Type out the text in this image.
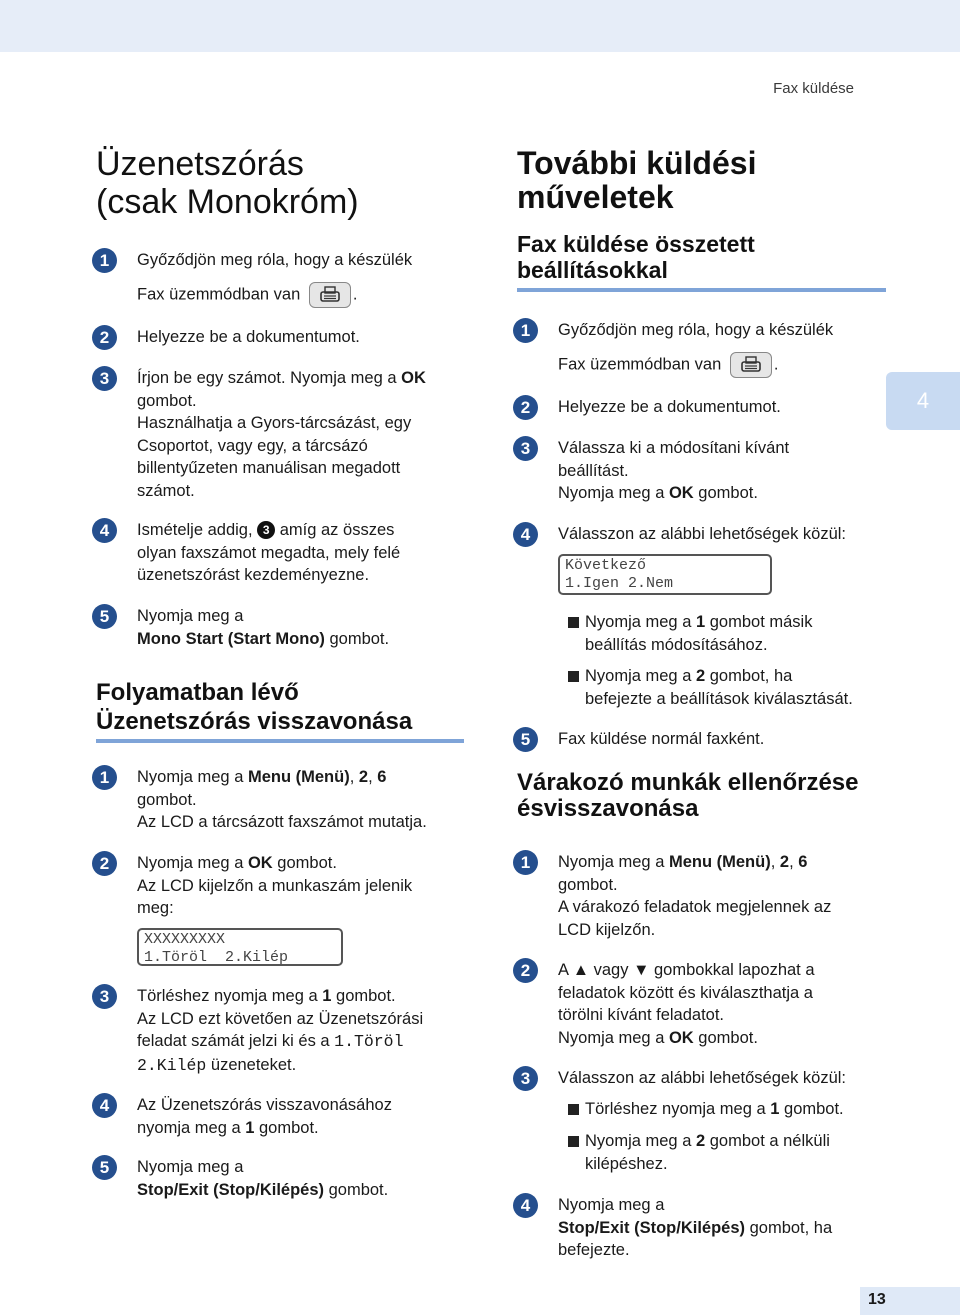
Fax küldése
4
Üzenetszórás
(csak Monokróm)
1	Győződjön meg róla, hogy a készülék
Fax üzemmódban van	.
2	Helyezze be a dokumentumot.
3	Írjon be egy számot. Nyomja meg a OK
gombot.
Használhatja a Gyors-tárcsázást, egy
Csoportot, vagy egy, a tárcsázó
billentyűzeten manuálisan megadott
számot.
4	Ismételje addig, 3 amíg az összes
olyan faxszámot megadta, mely felé
üzenetszórást kezdeményezne.
5	Nyomja meg a
Mono Start (Start Mono) gombot.
Folyamatban lévő
Üzenetszórás visszavonása
1	Nyomja meg a Menu (Menü), 2, 6
gombot.
Az LCD a tárcsázott faxszámot mutatja.
2	Nyomja meg a OK gombot.
Az LCD kijelzőn a munkaszám jelenik
meg:
XXXXXXXXX
1.Töröl  2.Kilép
3	Törléshez nyomja meg a 1 gombot.
Az LCD ezt követően az Üzenetszórási
feladat számát jelzi ki és a 1.Töröl
2.Kilép üzeneteket.
4	Az Üzenetszórás visszavonásához
nyomja meg a 1 gombot.
5	Nyomja meg a
Stop/Exit (Stop/Kilépés) gombot.
További küldési
műveletek
Fax küldése összetett
beállításokkal
1	Győződjön meg róla, hogy a készülék
Fax üzemmódban van	.
2	Helyezze be a dokumentumot.
3	Válassza ki a módosítani kívánt
beállítást.
Nyomja meg a OK gombot.
4	Válasszon az alábbi lehetőségek közül:
Következő
1.Igen 2.Nem
Nyomja meg a 1 gombot másik
beállítás módosításához.
Nyomja meg a 2 gombot, ha
befejezte a beállítások kiválasztását.
5	Fax küldése normál faxként.
Várakozó munkák ellenőrzése
ésvisszavonása
1	Nyomja meg a Menu (Menü), 2, 6
gombot.
A várakozó feladatok megjelennek az
LCD kijelzőn.
2	A ▲ vagy ▼ gombokkal lapozhat a
feladatok között és kiválaszthatja a
törölni kívánt feladatot.
Nyomja meg a OK gombot.
3	Válasszon az alábbi lehetőségek közül:
Törléshez nyomja meg a 1 gombot.
Nyomja meg a 2 gombot a nélküli
kilépéshez.
4	Nyomja meg a
Stop/Exit (Stop/Kilépés) gombot, ha
befejezte.
13
